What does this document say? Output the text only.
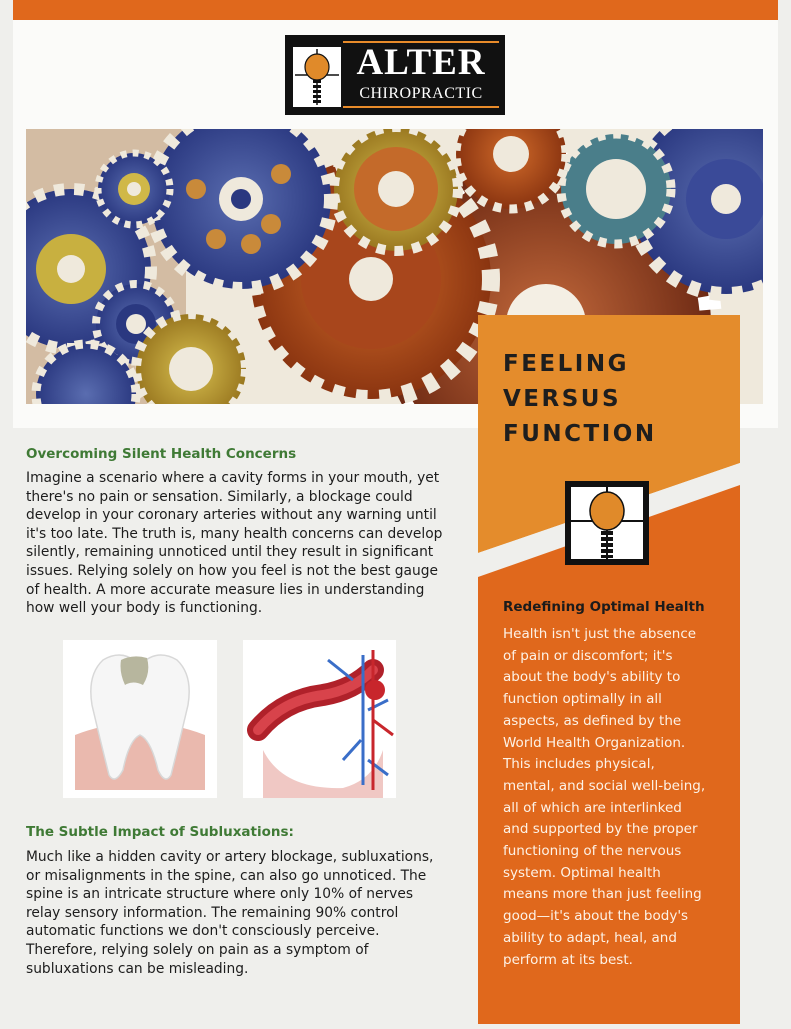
ALTER
CHIROPRACTIC
FEELING
VERSUS
FUNCTION
Redefining Optimal Health
Health isn't just the absence of pain or discomfort; it's about the body's ability to function optimally in all aspects, as defined by the World Health Organization. This includes physical, mental, and social well-being, all of which are interlinked and supported by the proper functioning of the nervous system. Optimal health means more than just feeling good—it's about the body's ability to adapt, heal, and perform at its best.
Overcoming Silent Health Concerns
Imagine a scenario where a cavity forms in your mouth, yet there's no pain or sensation. Similarly, a blockage could develop in your coronary arteries without any warning until it's too late. The truth is, many health concerns can develop silently, remaining unnoticed until they result in significant issues. Relying solely on how you feel is not the best gauge of health. A more accurate measure lies in understanding how well your body is functioning.
The Subtle Impact of Subluxations:
Much like a hidden cavity or artery blockage, subluxations, or misalignments in the spine, can also go unnoticed. The spine is an intricate structure where only 10% of nerves relay sensory information. The remaining 90% control automatic functions we don't consciously perceive. Therefore, relying solely on pain as a symptom of subluxations can be misleading.
